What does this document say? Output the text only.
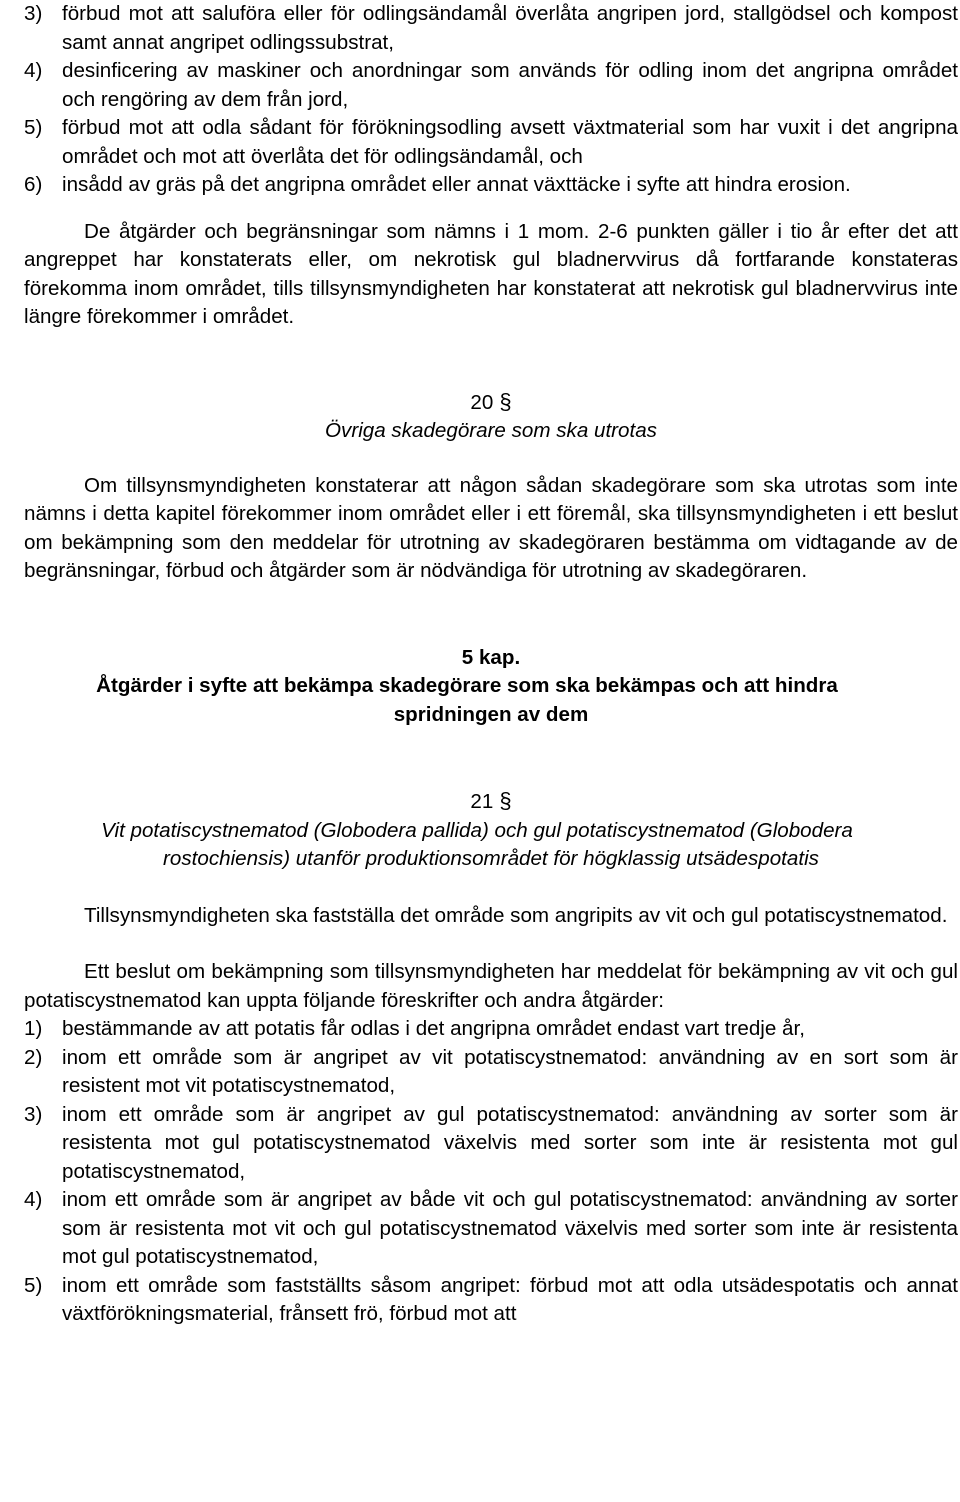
3) förbud mot att saluföra eller för odlingsändamål överlåta angripen jord, stallgödsel och kompost samt annat angripet odlingssubstrat,
4) desinficering av maskiner och anordningar som används för odling inom det angripna området och rengöring av dem från jord,
5) förbud mot att odla sådant för förökningsodling avsett växtmaterial som har vuxit i det angripna området och mot att överlåta det för odlingsändamål, och
6) insådd av gräs på det angripna området eller annat växttäcke i syfte att hindra erosion.

De åtgärder och begränsningar som nämns i 1 mom. 2-6 punkten gäller i tio år efter det att angreppet har konstaterats eller, om nekrotisk gul bladnervvirus då fortfarande konstateras förekomma inom området, tills tillsynsmyndigheten har konstaterat att nekrotisk gul bladnervvirus inte längre förekommer i området.

20 §
Övriga skadegörare som ska utrotas

Om tillsynsmyndigheten konstaterar att någon sådan skadegörare som ska utrotas som inte nämns i detta kapitel förekommer inom området eller i ett föremål, ska tillsynsmyndigheten i ett beslut om bekämpning som den meddelar för utrotning av skadegöraren bestämma om vidtagande av de begränsningar, förbud och åtgärder som är nödvändiga för utrotning av skadegöraren.

5 kap.
Åtgärder i syfte att bekämpa skadegörare som ska bekämpas och att hindra
spridningen av dem
21 §
Vit potatiscystnematod (Globodera pallida) och gul potatiscystnematod (Globodera
rostochiensis) utanför produktionsområdet för högklassig utsädespotatis

Tillsynsmyndigheten ska fastställa det område som angripits av vit och gul potatiscystnematod.

Ett beslut om bekämpning som tillsynsmyndigheten har meddelat för bekämpning av vit och gul potatiscystnematod kan uppta följande föreskrifter och andra åtgärder:

1) bestämmande av att potatis får odlas i det angripna området endast vart tredje år,
2) inom ett område som är angripet av vit potatiscystnematod: användning av en sort som är resistent mot vit potatiscystnematod,
3) inom ett område som är angripet av gul potatiscystnematod: användning av sorter som är resistenta mot gul potatiscystnematod växelvis med sorter som inte är resistenta mot gul potatiscystnematod,
4) inom ett område som är angripet av både vit och gul potatiscystnematod: användning av sorter som är resistenta mot vit och gul potatiscystnematod växelvis med sorter som inte är resistenta mot gul potatiscystnematod,
5) inom ett område som fastställts såsom angripet: förbud mot att odla utsädespotatis och annat växtförökningsmaterial, frånsett frö, förbud mot att
